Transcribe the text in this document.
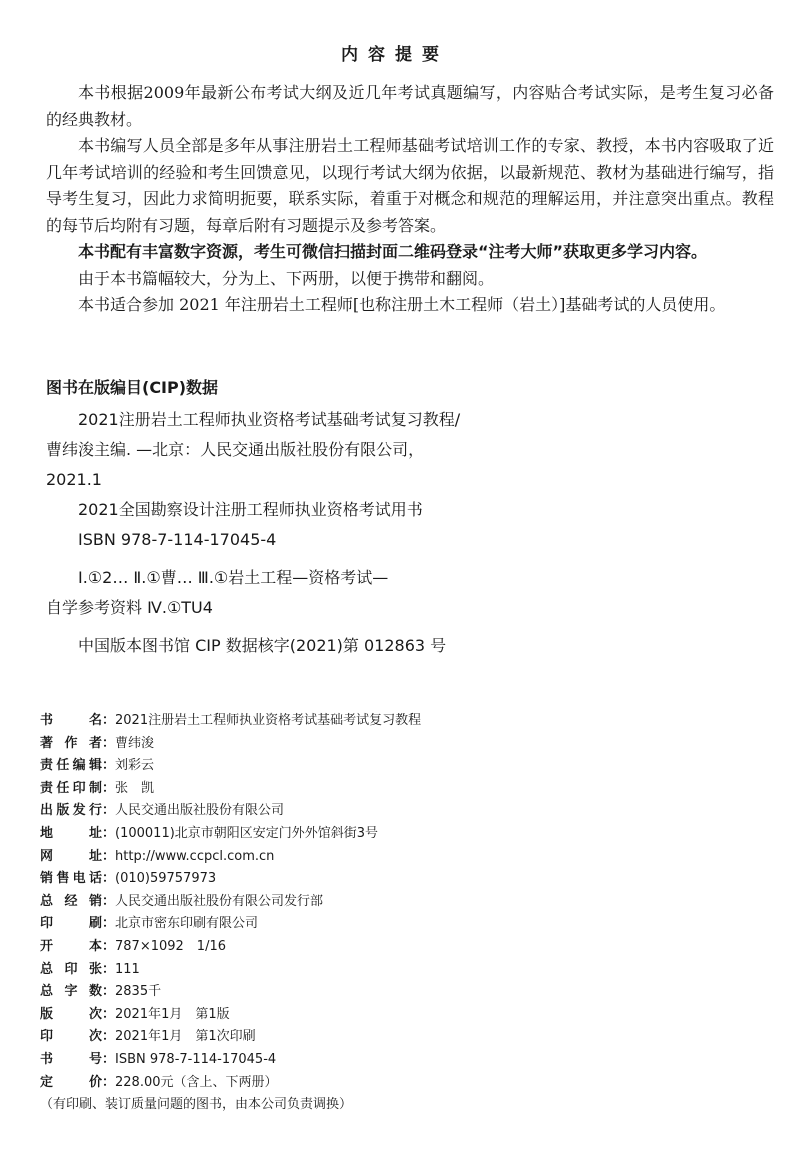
内容提要

本书根据2009年最新公布考试大纲及近几年考试真题编写，内容贴合考试实际，是考生复习必备的经典教材。

本书编写人员全部是多年从事注册岩土工程师基础考试培训工作的专家、教授，本书内容吸取了近几年考试培训的经验和考生回馈意见，以现行考试大纲为依据，以最新规范、教材为基础进行编写，指导考生复习，因此力求简明扼要，联系实际，着重于对概念和规范的理解运用，并注意突出重点。教程的每节后均附有习题，每章后附有习题提示及参考答案。

本书配有丰富数字资源，考生可微信扫描封面二维码登录“注考大师”获取更多学习内容。

由于本书篇幅较大，分为上、下两册，以便于携带和翻阅。

本书适合参加 2021 年注册岩土工程师[也称注册土木工程师（岩土）]基础考试的人员使用。

图书在版编目(CIP)数据
2021注册岩土工程师执业资格考试基础考试复习教程/
曹纬浚主编. —北京：人民交通出版社股份有限公司，
2021.1
2021全国勘察设计注册工程师执业资格考试用书
ISBN 978-7-114-17045-4
Ⅰ.①2… Ⅱ.①曹… Ⅲ.①岩土工程—资格考试—
自学参考资料 Ⅳ.①TU4
中国版本图书馆 CIP 数据核字(2021)第 012863 号
书	名 ： 2021注册岩土工程师执业资格考试基础考试复习教程
著 作 者 ： 曹纬浚
责 任 编 辑 ： 刘彩云
责 任 印 制 ： 张　凯
出 版 发 行 ： 人民交通出版社股份有限公司
地	址 ： (100011)北京市朝阳区安定门外外馆斜街3号
网	址 ： http://www.ccpcl.com.cn
销 售 电 话 ： (010)59757973
总 经 销 ： 人民交通出版社股份有限公司发行部
印	刷 ： 北京市密东印刷有限公司
开	本 ： 787×1092　1/16
总 印 张 ： 111
总 字 数 ： 2835千
版	次 ： 2021年1月　第1版
印	次 ： 2021年1月　第1次印刷
书	号 ： ISBN 978-7-114-17045-4
定	价 ： 228.00元（含上、下两册）
（有印刷、装订质量问题的图书，由本公司负责调换）
